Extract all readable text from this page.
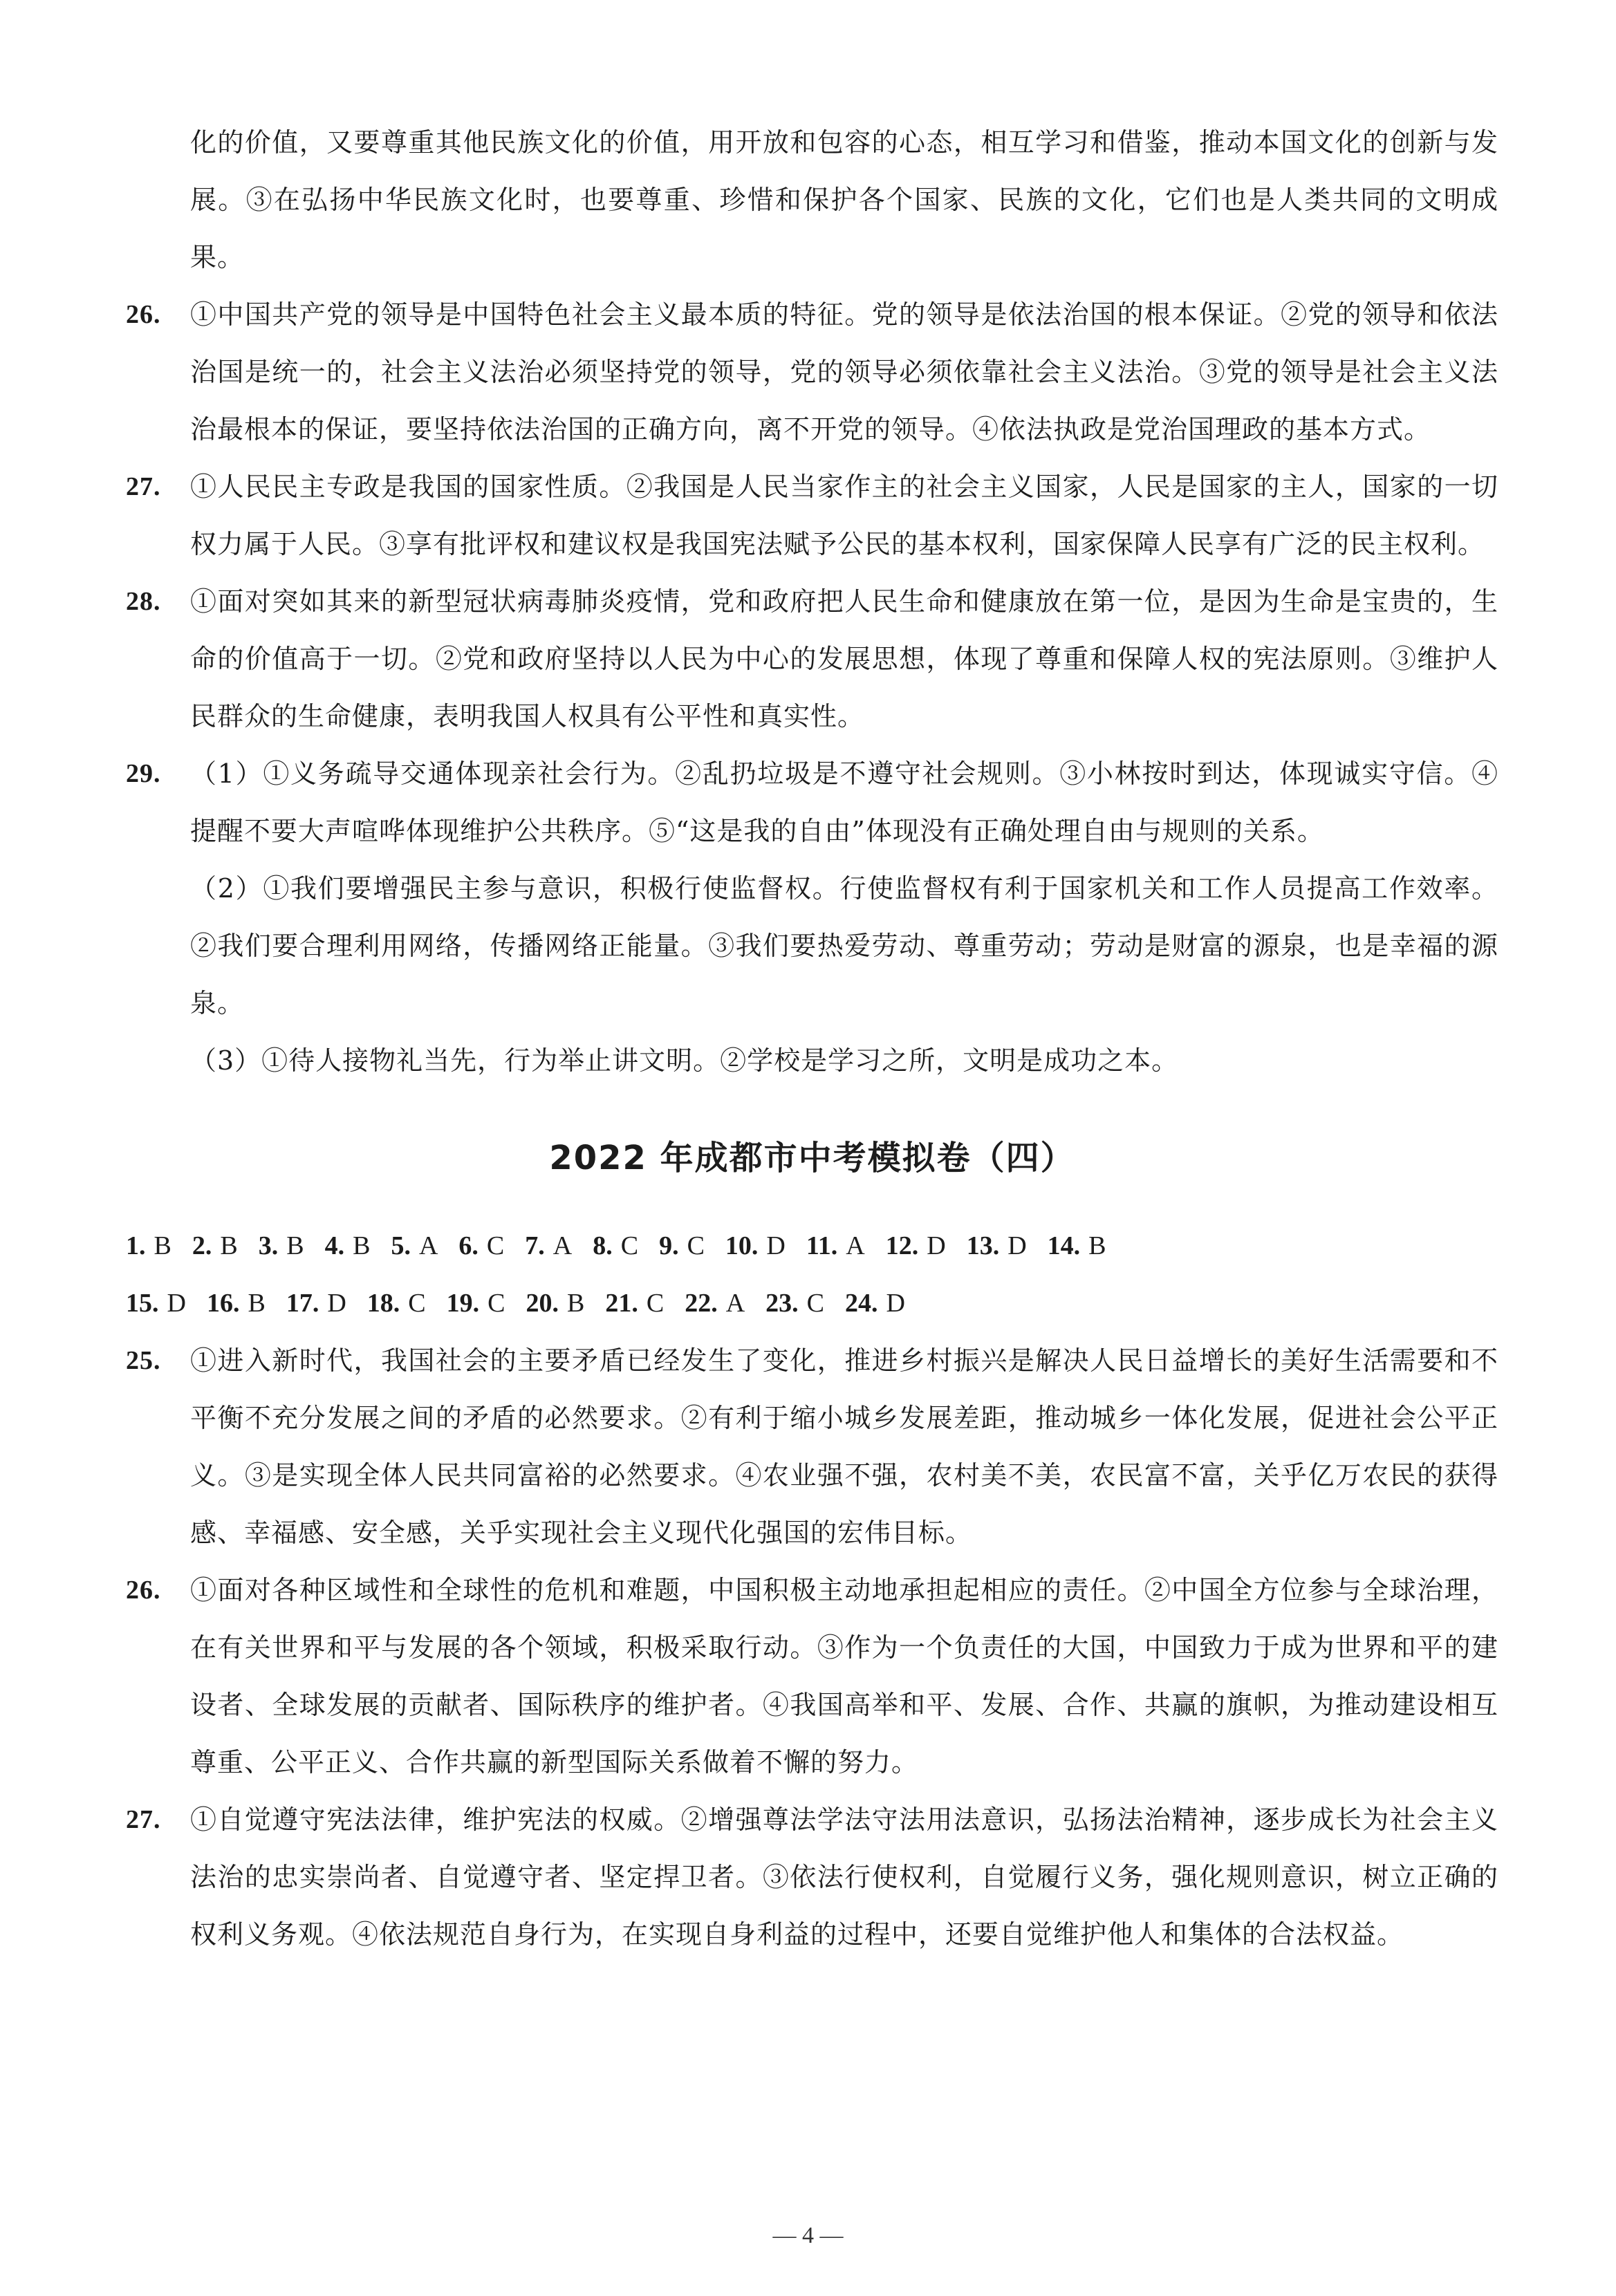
化的价值，又要尊重其他民族文化的价值，用开放和包容的心态，相互学习和借鉴，推动本国文化的创新与发展。③在弘扬中华民族文化时，也要尊重、珍惜和保护各个国家、民族的文化，它们也是人类共同的文明成果。
26. ①中国共产党的领导是中国特色社会主义最本质的特征。党的领导是依法治国的根本保证。②党的领导和依法治国是统一的，社会主义法治必须坚持党的领导，党的领导必须依靠社会主义法治。③党的领导是社会主义法治最根本的保证，要坚持依法治国的正确方向，离不开党的领导。④依法执政是党治国理政的基本方式。
27. ①人民民主专政是我国的国家性质。②我国是人民当家作主的社会主义国家，人民是国家的主人，国家的一切权力属于人民。③享有批评权和建议权是我国宪法赋予公民的基本权利，国家保障人民享有广泛的民主权利。
28. ①面对突如其来的新型冠状病毒肺炎疫情，党和政府把人民生命和健康放在第一位，是因为生命是宝贵的，生命的价值高于一切。②党和政府坚持以人民为中心的发展思想，体现了尊重和保障人权的宪法原则。③维护人民群众的生命健康，表明我国人权具有公平性和真实性。
29. （1）①义务疏导交通体现亲社会行为。②乱扔垃圾是不遵守社会规则。③小林按时到达，体现诚实守信。④提醒不要大声喧哗体现维护公共秩序。⑤“这是我的自由”体现没有正确处理自由与规则的关系。
（2）①我们要增强民主参与意识，积极行使监督权。行使监督权有利于国家机关和工作人员提高工作效率。②我们要合理利用网络，传播网络正能量。③我们要热爱劳动、尊重劳动；劳动是财富的源泉，也是幸福的源泉。
（3）①待人接物礼当先，行为举止讲文明。②学校是学习之所，文明是成功之本。
2022 年成都市中考模拟卷（四）
1. B 2. B 3. B 4. B 5. A 6. C 7. A 8. C 9. C 10. D 11. A 12. D 13. D 14. B
15. D 16. B 17. D 18. C 19. C 20. B 21. C 22. A 23. C 24. D
25. ①进入新时代，我国社会的主要矛盾已经发生了变化，推进乡村振兴是解决人民日益增长的美好生活需要和不平衡不充分发展之间的矛盾的必然要求。②有利于缩小城乡发展差距，推动城乡一体化发展，促进社会公平正义。③是实现全体人民共同富裕的必然要求。④农业强不强，农村美不美，农民富不富，关乎亿万农民的获得感、幸福感、安全感，关乎实现社会主义现代化强国的宏伟目标。
26. ①面对各种区域性和全球性的危机和难题，中国积极主动地承担起相应的责任。②中国全方位参与全球治理，在有关世界和平与发展的各个领域，积极采取行动。③作为一个负责任的大国，中国致力于成为世界和平的建设者、全球发展的贡献者、国际秩序的维护者。④我国高举和平、发展、合作、共赢的旗帜，为推动建设相互尊重、公平正义、合作共赢的新型国际关系做着不懈的努力。
27. ①自觉遵守宪法法律，维护宪法的权威。②增强尊法学法守法用法意识，弘扬法治精神，逐步成长为社会主义法治的忠实崇尚者、自觉遵守者、坚定捍卫者。③依法行使权利，自觉履行义务，强化规则意识，树立正确的权利义务观。④依法规范自身行为，在实现自身利益的过程中，还要自觉维护他人和集体的合法权益。
— 4 —
